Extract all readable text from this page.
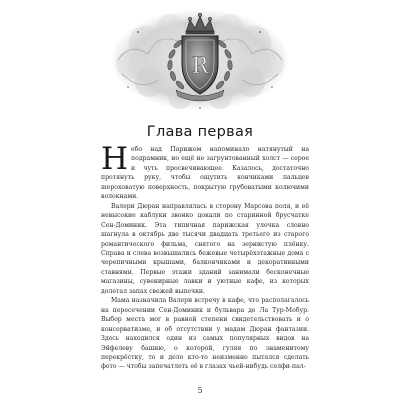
R
Глава первая

Небо над Парижем напоминало натянутый на подрамник, но ещё не загрунтованный холст — серое и чуть просвечивающее. Казалось, достаточно протянуть руку, чтобы ощутить кончиками пальцев шероховатую поверхность, покрытую грубоватыми колючими волокнами.

Валери Дюран направлялась в сторону Марсова поля, и её невысокие каблуки звонко цокали по старинной брусчатке Сен-Доминик. Эта типичная парижская улочка словно шагнула в октябрь две тысячи двадцать третьего из старого романтического фильма, снятого на зернистую плёнку. Справа и слева возвышались бежевые четырёхэтажные дома с черепичными крышами, балкончиками и декоративными ставнями. Первые этажи зданий занимали бесконечные магазины, сувенирные лавки и уютные кафе, из которых долетал запах свежей выпечки.

Мама назначила Валери встречу в кафе, что располагалось на пересечении Сен-Доминик и бульвара де Ла Тур-Мобур. Выбор места мог в равной степени свидетельствовать и о консерватизме, и об отсутствии у мадам Дюран фантазии. Здесь находился один из самых популярных видов на Эйфелеву башню, о которой, гуляя по знаменитому перекрёстку, то и дело кто-то неизменно пытался сделать фото — чтобы запечатлеть её в глазах чьей-нибудь селфи-пал-

5
